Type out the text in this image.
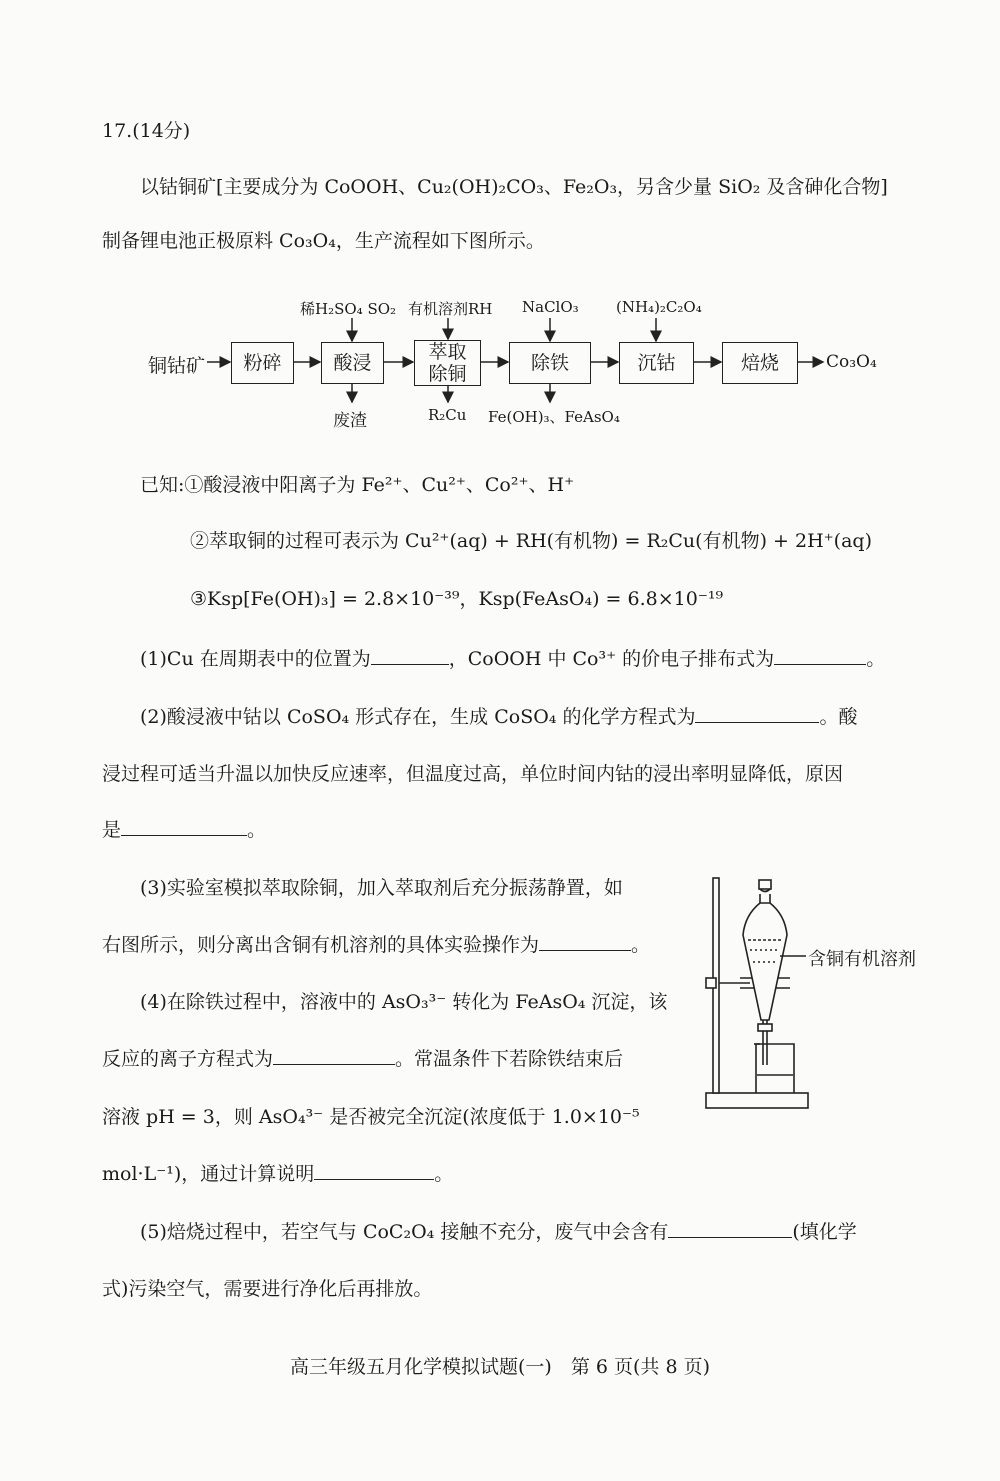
17.(14分)
以钴铜矿[主要成分为 CoOOH、Cu₂(OH)₂CO₃、Fe₂O₃，另含少量 SiO₂ 及含砷化合物]
制备锂电池正极原料 Co₃O₄，生产流程如下图所示。
铜钴矿	粉碎	酸浸	萃取
除铜	除铁	沉钴	焙烧	Co₃O₄
稀H₂SO₄ SO₂ 有机溶剂RH NaClO₃ (NH₄)₂C₂O₄
废渣	R₂Cu Fe(OH)₃、FeAsO₄
已知:①酸浸液中阳离子为 Fe²⁺、Cu²⁺、Co²⁺、H⁺
②萃取铜的过程可表示为 Cu²⁺(aq) + RH(有机物) = R₂Cu(有机物) + 2H⁺(aq)
③Ksp[Fe(OH)₃] = 2.8×10⁻³⁹，Ksp(FeAsO₄) = 6.8×10⁻¹⁹
(1)Cu 在周期表中的位置为	，CoOOH 中 Co³⁺ 的价电子排布式为	。
(2)酸浸液中钴以 CoSO₄ 形式存在，生成 CoSO₄ 的化学方程式为	。酸
浸过程可适当升温以加快反应速率，但温度过高，单位时间内钴的浸出率明显降低，原因
是	。
(3)实验室模拟萃取除铜，加入萃取剂后充分振荡静置，如
右图所示，则分离出含铜有机溶剂的具体实验操作为	。
(4)在除铁过程中，溶液中的 AsO₃³⁻ 转化为 FeAsO₄ 沉淀，该
反应的离子方程式为	。常温条件下若除铁结束后
溶液 pH = 3，则 AsO₄³⁻ 是否被完全沉淀(浓度低于 1.0×10⁻⁵
mol·L⁻¹)，通过计算说明	。
(5)焙烧过程中，若空气与 CoC₂O₄ 接触不充分，废气中会含有	(填化学
式)污染空气，需要进行净化后再排放。
含铜有机溶剂
高三年级五月化学模拟试题(一)　第 6 页(共 8 页)
